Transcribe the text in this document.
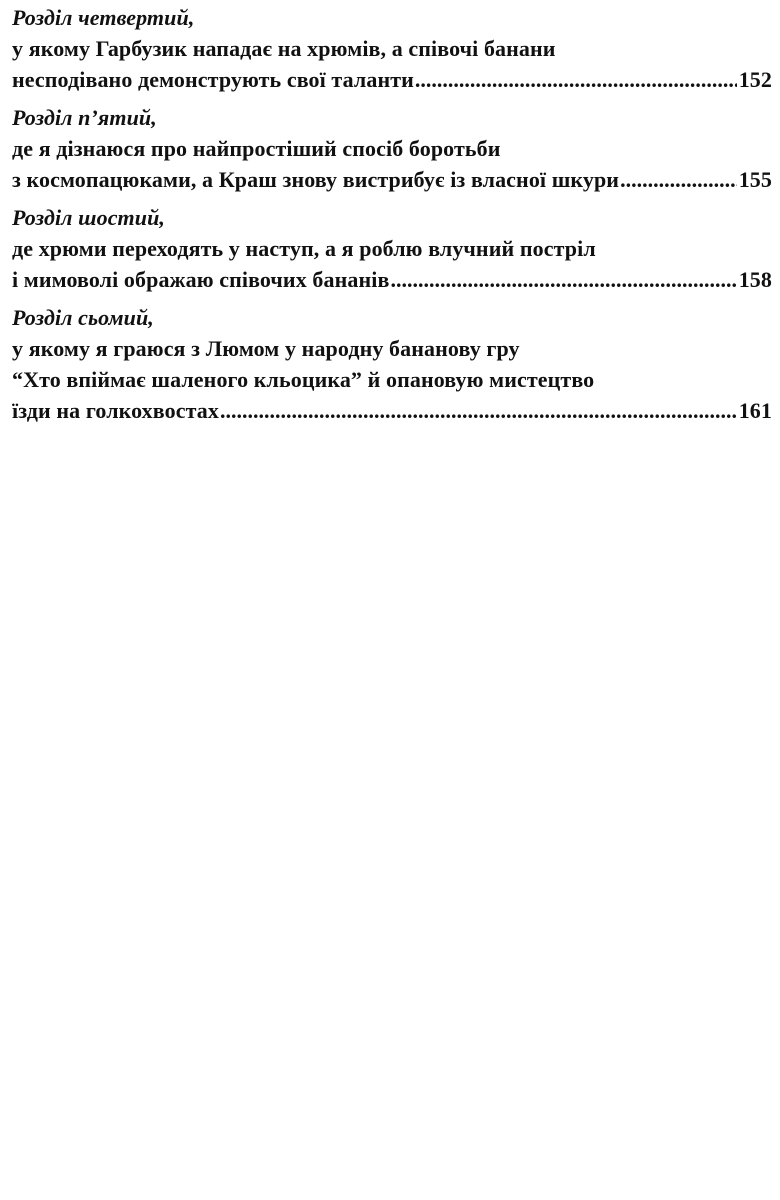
Розділ четвертий,
у якому Гарбузик нападає на хрюмів, а співочі банани
несподівано демонструють свої таланти .....	152
Розділ п’ятий,
де я дізнаюся про найпростіший спосіб боротьби
з космопацюками, а Краш знову вистрибує із власної шкури .....	155
Розділ шостий,
де хрюми переходять у наступ, а я роблю влучний постріл
і мимоволі ображаю співочих бананів .....	158
Розділ сьомий,
у якому я граюся з Люмом у народну бананову гру
“Хто впіймає шаленого кльоцика” й опановую мистецтво
їзди на голкохвостах .....	161
